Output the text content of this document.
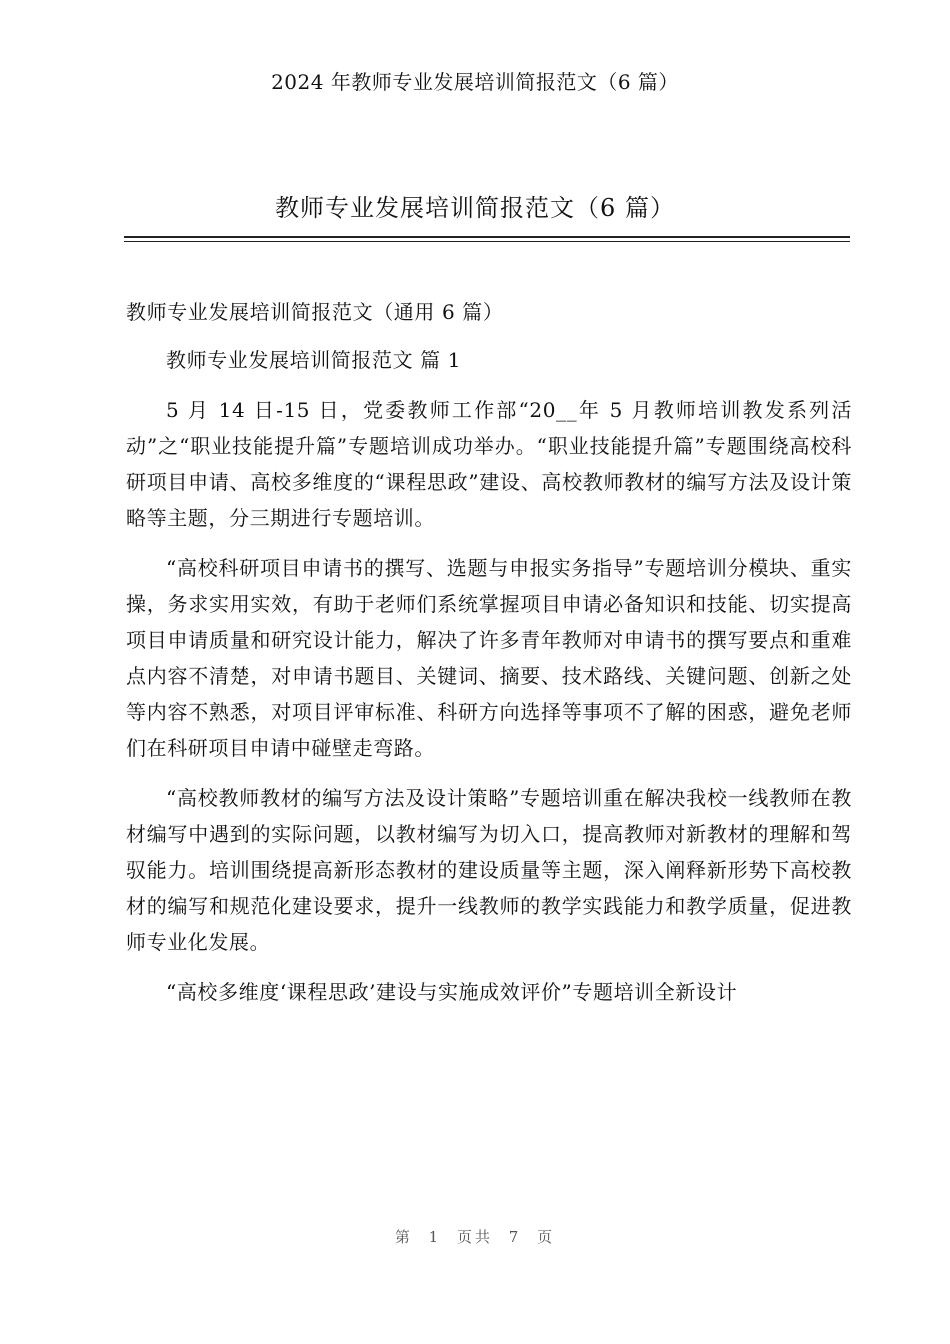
2024 年教师专业发展培训简报范文（6 篇）
教师专业发展培训简报范文（6 篇）

教师专业发展培训简报范文（通用 6 篇）

教师专业发展培训简报范文 篇 1

5 月 14 日-15 日，党委教师工作部“20__年 5 月教师培训教发系列活动”之“职业技能提升篇”专题培训成功举办。“职业技能提升篇”专题围绕高校科研项目申请、高校多维度的“课程思政”建设、高校教师教材的编写方法及设计策略等主题，分三期进行专题培训。

“高校科研项目申请书的撰写、选题与申报实务指导”专题培训分模块、重实操，务求实用实效，有助于老师们系统掌握项目申请必备知识和技能、切实提高项目申请质量和研究设计能力，解决了许多青年教师对申请书的撰写要点和重难点内容不清楚，对申请书题目、关键词、摘要、技术路线、关键问题、创新之处等内容不熟悉，对项目评审标准、科研方向选择等事项不了解的困惑，避免老师们在科研项目申请中碰壁走弯路。

“高校教师教材的编写方法及设计策略”专题培训重在解决我校一线教师在教材编写中遇到的实际问题，以教材编写为切入口，提高教师对新教材的理解和驾驭能力。培训围绕提高新形态教材的建设质量等主题，深入阐释新形势下高校教材的编写和规范化建设要求，提升一线教师的教学实践能力和教学质量，促进教师专业化发展。

“高校多维度‘课程思政’建设与实施成效评价”专题培训全新设计

第 1 页共 7 页
